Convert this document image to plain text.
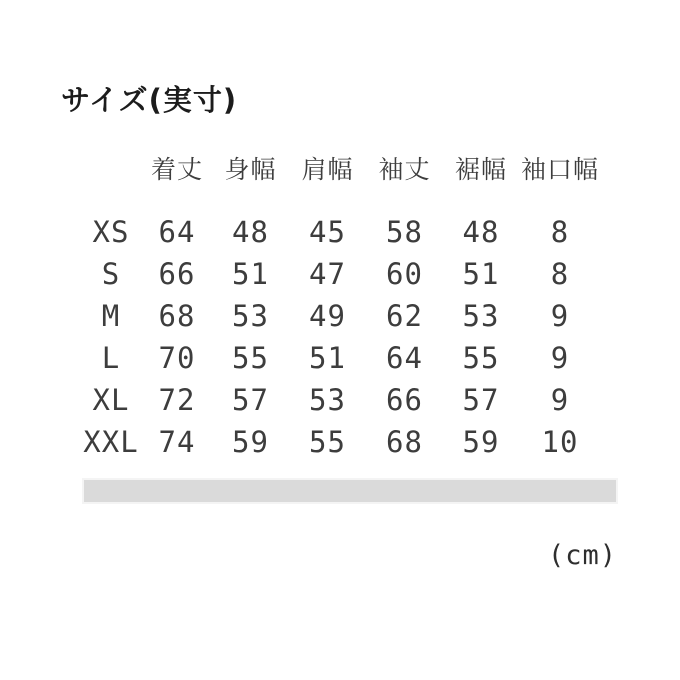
サイズ(実寸)
	着丈	身幅	肩幅	袖丈	裾幅	袖口幅
XS	64	48	45	58	48	8
S	66	51	47	60	51	8
M	68	53	49	62	53	9
L	70	55	51	64	55	9
XL	72	57	53	66	57	9
XXL	74	59	55	68	59	10
(cm)
